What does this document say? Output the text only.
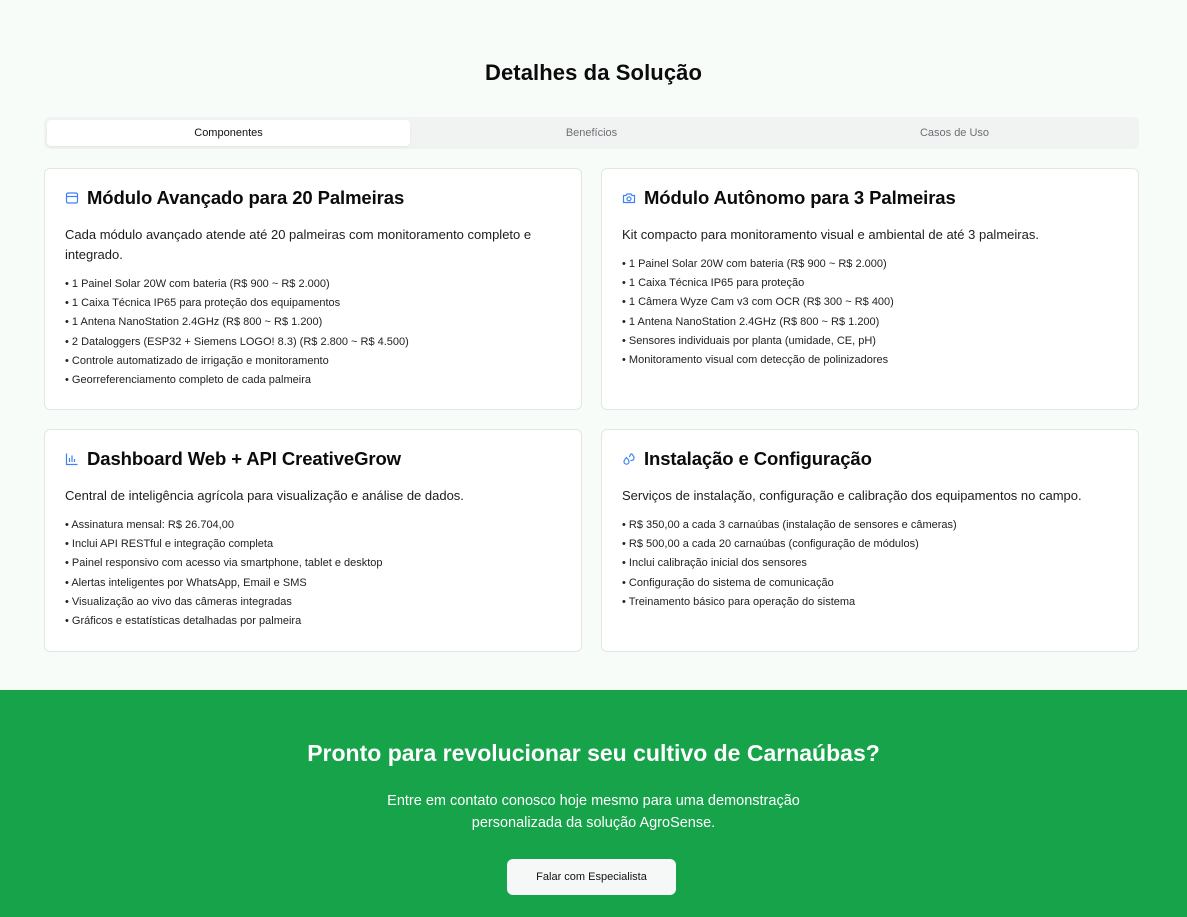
Detalhes da Solução
Componentes	Benefícios	Casos de Uso
Módulo Avançado para 20 Palmeiras

Cada módulo avançado atende até 20 palmeiras com monitoramento completo e integrado.

• 1 Painel Solar 20W com bateria (R$ 900 ~ R$ 2.000)
• 1 Caixa Técnica IP65 para proteção dos equipamentos
• 1 Antena NanoStation 2.4GHz (R$ 800 ~ R$ 1.200)
• 2 Dataloggers (ESP32 + Siemens LOGO! 8.3) (R$ 2.800 ~ R$ 4.500)
• Controle automatizado de irrigação e monitoramento
• Georreferenciamento completo de cada palmeira
Módulo Autônomo para 3 Palmeiras

Kit compacto para monitoramento visual e ambiental de até 3 palmeiras.

• 1 Painel Solar 20W com bateria (R$ 900 ~ R$ 2.000)
• 1 Caixa Técnica IP65 para proteção
• 1 Câmera Wyze Cam v3 com OCR (R$ 300 ~ R$ 400)
• 1 Antena NanoStation 2.4GHz (R$ 800 ~ R$ 1.200)
• Sensores individuais por planta (umidade, CE, pH)
• Monitoramento visual com detecção de polinizadores
Dashboard Web + API CreativeGrow

Central de inteligência agrícola para visualização e análise de dados.

• Assinatura mensal: R$ 26.704,00
• Inclui API RESTful e integração completa
• Painel responsivo com acesso via smartphone, tablet e desktop
• Alertas inteligentes por WhatsApp, Email e SMS
• Visualização ao vivo das câmeras integradas
• Gráficos e estatísticas detalhadas por palmeira
Instalação e Configuração

Serviços de instalação, configuração e calibração dos equipamentos no campo.

• R$ 350,00 a cada 3 carnaúbas (instalação de sensores e câmeras)
• R$ 500,00 a cada 20 carnaúbas (configuração de módulos)
• Inclui calibração inicial dos sensores
• Configuração do sistema de comunicação
• Treinamento básico para operação do sistema
Pronto para revolucionar seu cultivo de Carnaúbas?

Entre em contato conosco hoje mesmo para uma demonstração
personalizada da solução AgroSense.

Falar com Especialista
